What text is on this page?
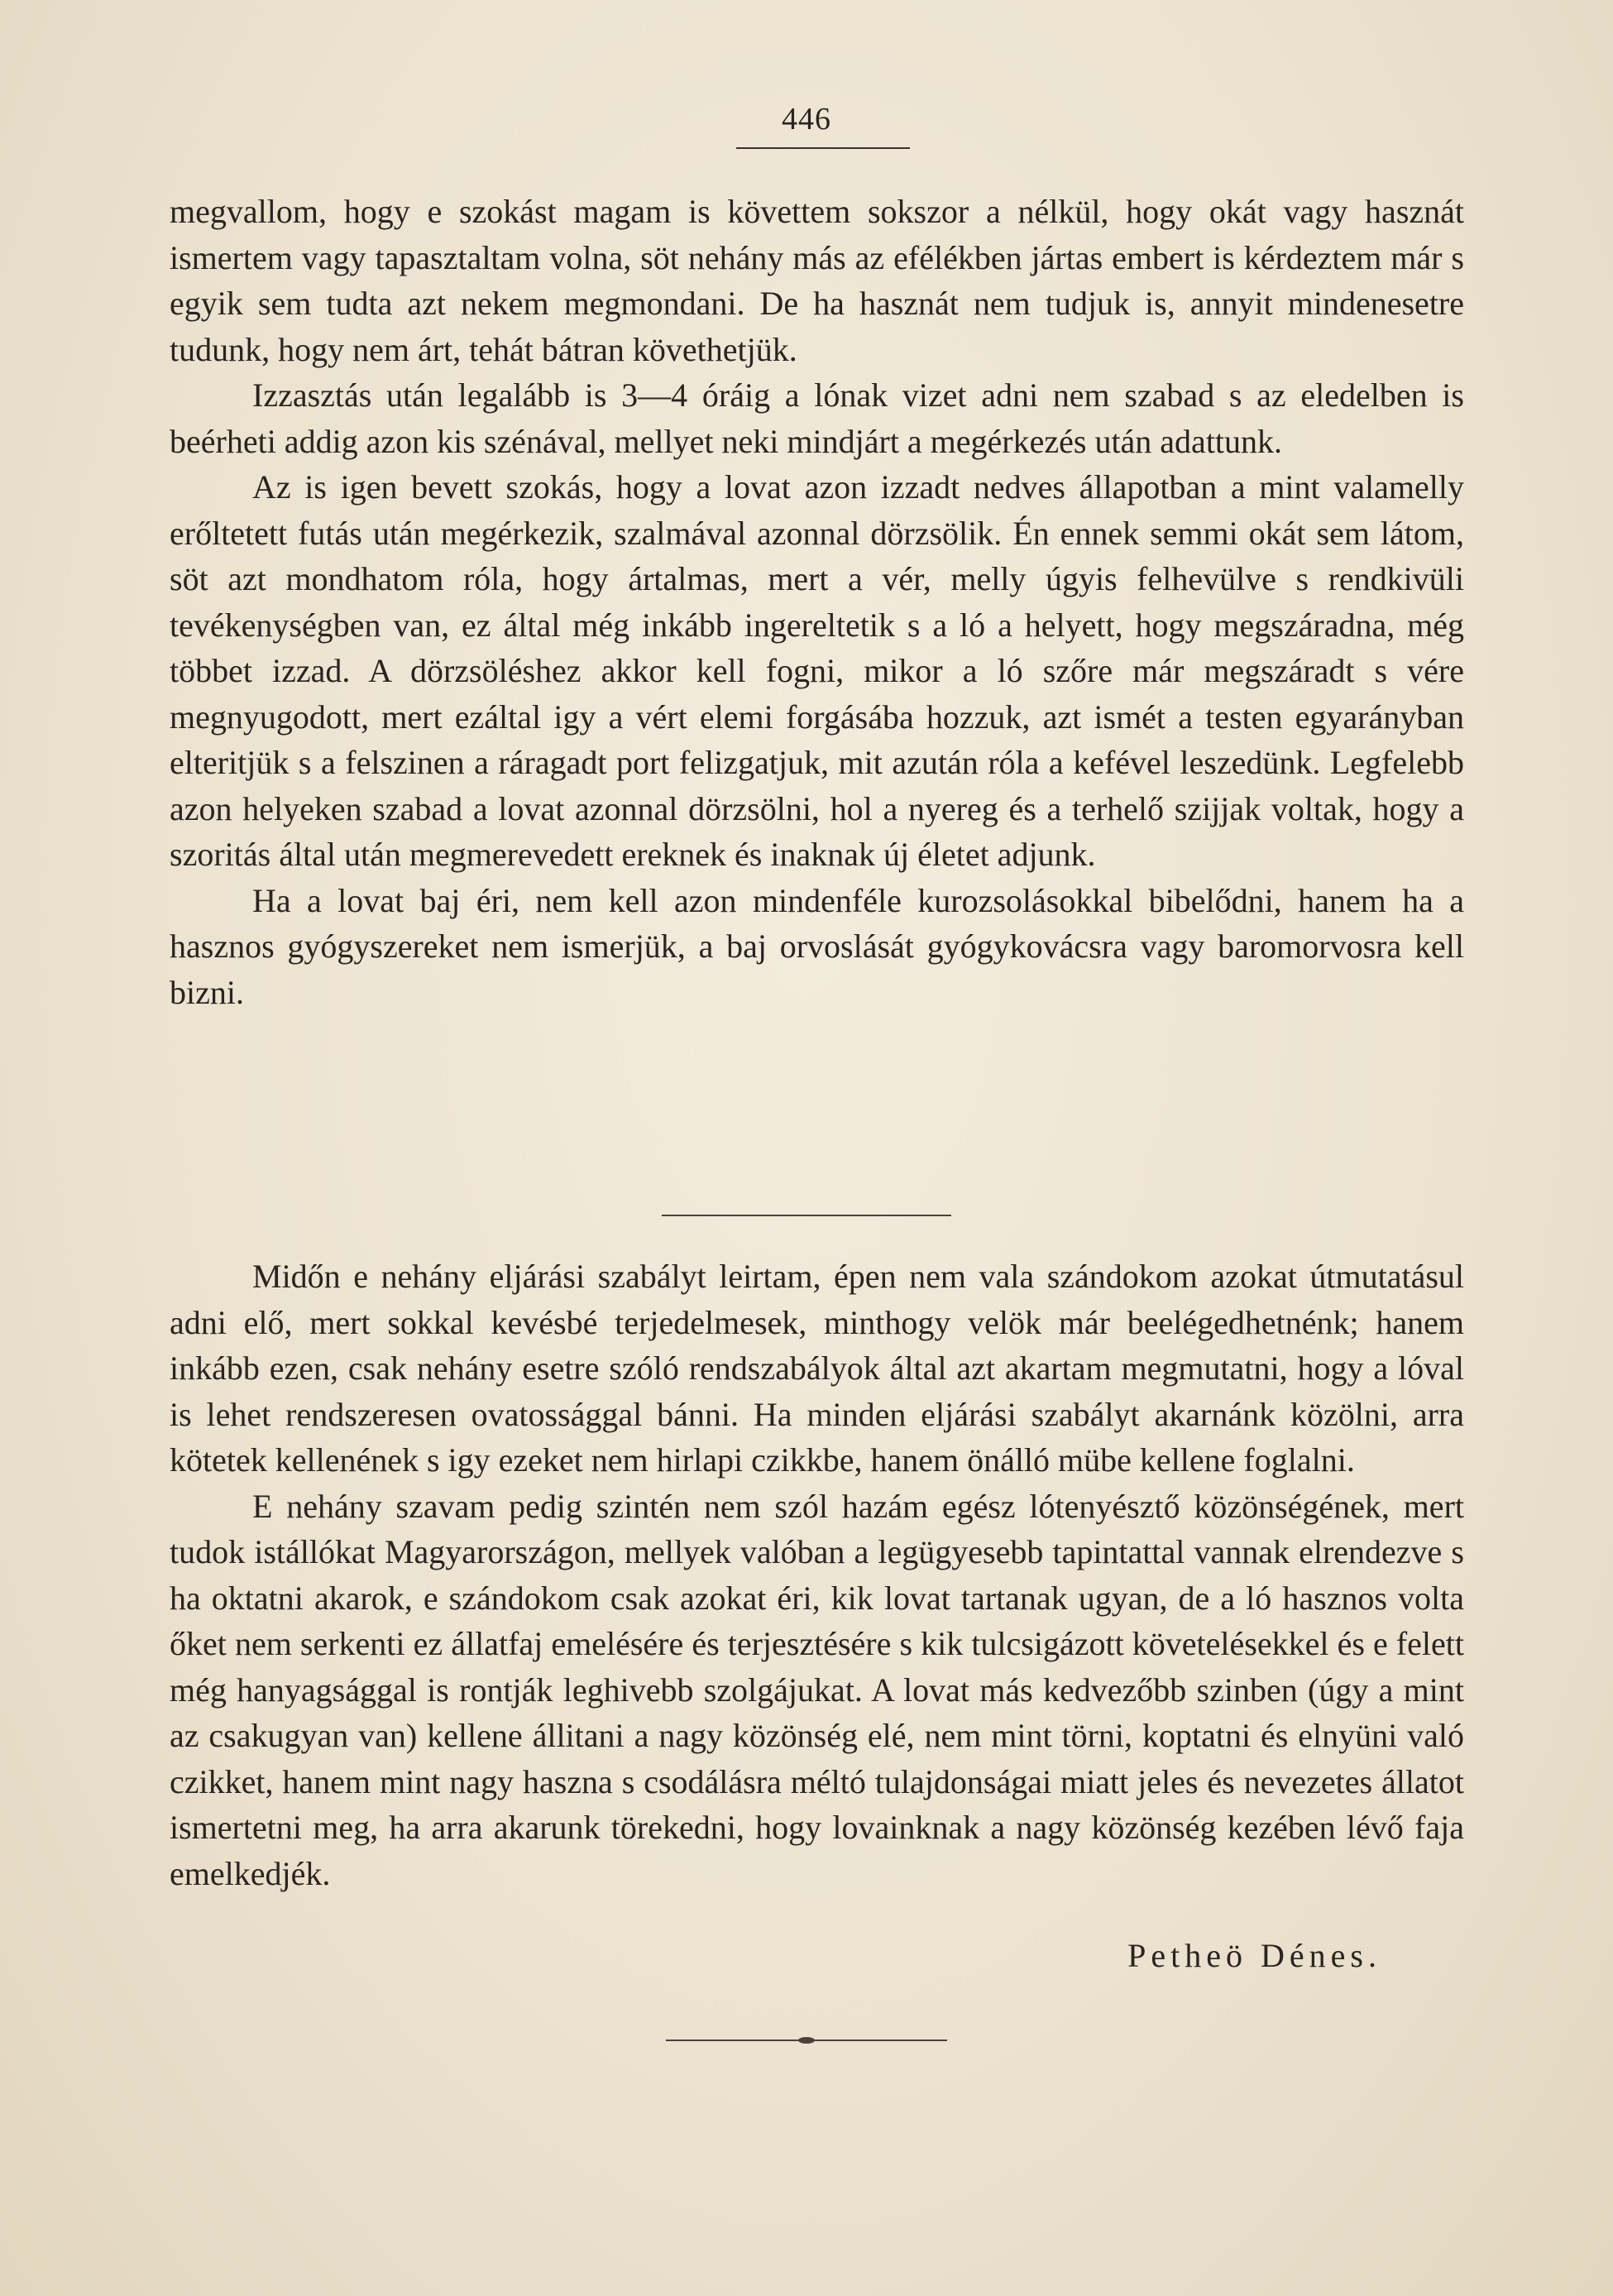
446

megvallom, hogy e szokást magam is követtem sokszor a nélkül, hogy okát vagy hasznát ismertem vagy tapasztaltam volna, söt nehány más az efélékben jártas embert is kérdeztem már s egyik sem tudta azt nekem megmondani. De ha hasznát nem tudjuk is, annyit mindenesetre tudunk, hogy nem árt, tehát bátran követhetjük.

Izzasztás után legalább is 3—4 óráig a lónak vizet adni nem szabad s az eledelben is beérheti addig azon kis szénával, mellyet neki mindjárt a megérkezés után adattunk.

Az is igen bevett szokás, hogy a lovat azon izzadt nedves állapotban a mint valamelly erőltetett futás után megérkezik, szalmával azonnal dörzsölik. Én ennek semmi okát sem látom, söt azt mondhatom róla, hogy ártalmas, mert a vér, melly úgyis felhevülve s rendkivüli tevékenységben van, ez által még inkább ingereltetik s a ló a helyett, hogy megszáradna, még többet izzad. A dörzsöléshez akkor kell fogni, mikor a ló szőre már megszáradt s vére megnyugodott, mert ezáltal igy a vért elemi forgásába hozzuk, azt ismét a testen egyarányban elteritjük s a felszinen a ráragadt port felizgatjuk, mit azután róla a kefével leszedünk. Legfelebb azon helyeken szabad a lovat azonnal dörzsölni, hol a nyereg és a terhelő szijjak voltak, hogy a szoritás által után megmerevedett ereknek és inaknak új életet adjunk.

Ha a lovat baj éri, nem kell azon mindenféle kurozsolásokkal bibelődni, hanem ha a hasznos gyógyszereket nem ismerjük, a baj orvoslását gyógykovácsra vagy baromorvosra kell bizni.

Midőn e nehány eljárási szabályt leirtam, épen nem vala szándokom azokat útmutatásul adni elő, mert sokkal kevésbé terjedelmesek, minthogy velök már beelégedhetnénk; hanem inkább ezen, csak nehány esetre szóló rendszabályok által azt akartam megmutatni, hogy a lóval is lehet rendszeresen ovatossággal bánni. Ha minden eljárási szabályt akarnánk közölni, arra kötetek kellenének s igy ezeket nem hirlapi czikkbe, hanem önálló mübe kellene foglalni.

E nehány szavam pedig szintén nem szól hazám egész lótenyésztő közönségének, mert tudok istállókat Magyarországon, mellyek valóban a legügyesebb tapintattal vannak elrendezve s ha oktatni akarok, e szándokom csak azokat éri, kik lovat tartanak ugyan, de a ló hasznos volta őket nem serkenti ez állatfaj emelésére és terjesztésére s kik tulcsigázott követelésekkel és e felett még hanyagsággal is rontják leghivebb szolgájukat. A lovat más kedvezőbb szinben (úgy a mint az csakugyan van) kellene állitani a nagy közönség elé, nem mint törni, koptatni és elnyüni való czikket, hanem mint nagy haszna s csodálásra méltó tulajdonságai miatt jeles és nevezetes állatot ismertetni meg, ha arra akarunk törekedni, hogy lovainknak a nagy közönség kezében lévő faja emelkedjék.

Petheö Dénes.
